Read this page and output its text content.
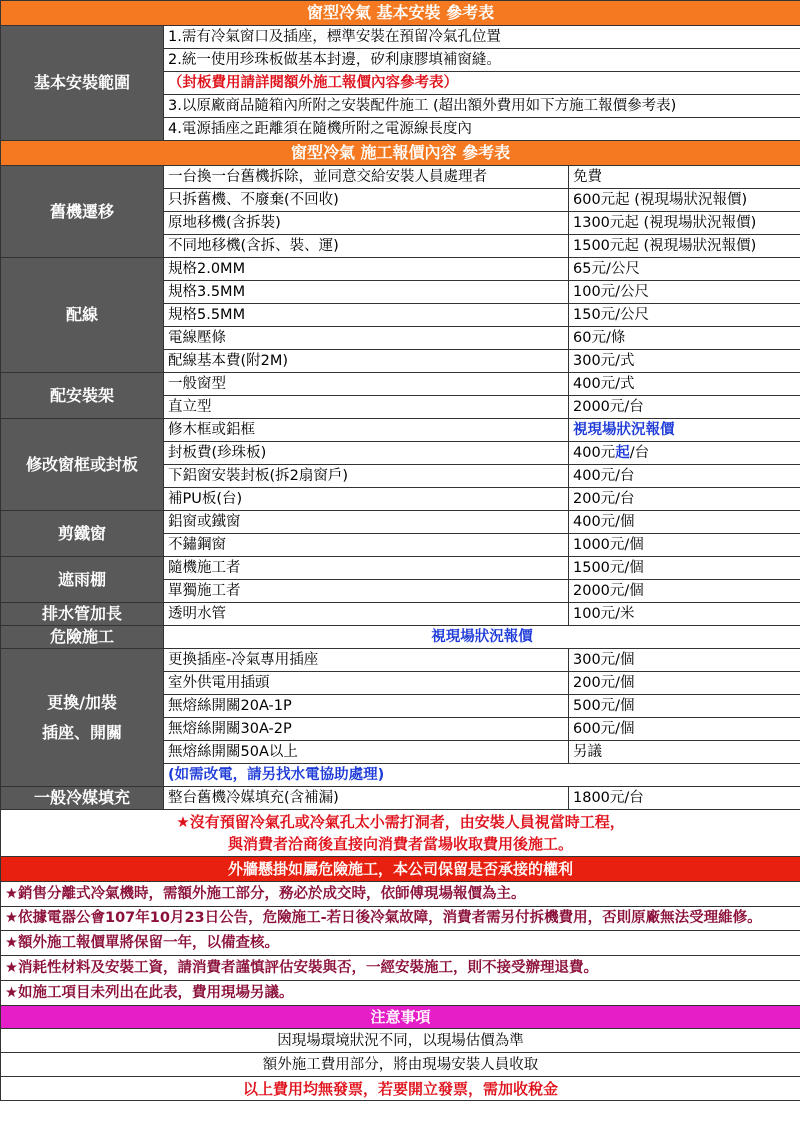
窗型冷氣 基本安裝 參考表		
基本安裝範圍	1.需有冷氣窗口及插座，標準安裝在預留冷氣孔位置	
	2.統一使用珍珠板做基本封邊，矽利康膠填補窗縫。	
	（封板費用請詳閱額外施工報價內容參考表）	
	3.以原廠商品隨箱內所附之安裝配件施工 (超出額外費用如下方施工報價參考表)	
	4.電源插座之距離須在隨機所附之電源線長度內	
窗型冷氣 施工報價內容 參考表		
舊機遷移	一台換一台舊機拆除，並同意交給安裝人員處理者	免費
	只拆舊機、不廢棄(不回收)	600元起 (視現場狀況報價)
	原地移機(含拆裝)	1300元起 (視現場狀況報價)
	不同地移機(含拆、裝、運)	1500元起 (視現場狀況報價)
配線	規格2.0MM	65元/公尺
	規格3.5MM	100元/公尺
	規格5.5MM	150元/公尺
	電線壓條	60元/條
	配線基本費(附2M)	300元/式
配安裝架	一般窗型	400元/式
	直立型	2000元/台
修改窗框或封板	修木框或鋁框	視現場狀況報價
	封板費(珍珠板)	400元起/台
	下鋁窗安裝封板(拆2扇窗戶)	400元/台
	補PU板(台)	200元/台
剪鐵窗	鋁窗或鐵窗	400元/個
	不鏽鋼窗	1000元/個
遮雨棚	隨機施工者	1500元/個
	單獨施工者	2000元/個
排水管加長	透明水管	100元/米
危險施工	視現場狀況報價	

更換/加裝
插座、開關	更換插座-冷氣專用插座	300元/個
	室外供電用插頭	200元/個
	無熔絲開關20A-1P	500元/個
	無熔絲開關30A-2P	600元/個
	無熔絲開關50A以上	另議
	(如需改電，請另找水電協助處理)	
一般冷媒填充	整台舊機冷媒填充(含補漏)	1800元/台

★沒有預留冷氣孔或冷氣孔太小需打洞者，由安裝人員視當時工程，
與消費者洽商後直接向消費者當場收取費用後施工。		

外牆懸掛如屬危險施工，本公司保留是否承接的權利		
★銷售分離式冷氣機時，需額外施工部分，務必於成交時，依師傅現場報價為主。		
★依據電器公會107年10月23日公告，危險施工-若日後冷氣故障，消費者需另付拆機費用，否則原廠無法受理維修。		
★額外施工報價單將保留一年，以備查核。		
★消耗性材料及安裝工資，請消費者謹慎評估安裝與否，一經安裝施工，則不接受辦理退費。		
★如施工項目未列出在此表，費用現場另議。		
注意事項		
因現場環境狀況不同，以現場估價為準		
額外施工費用部分，將由現場安裝人員收取		
以上費用均無發票，若要開立發票，需加收稅金		
